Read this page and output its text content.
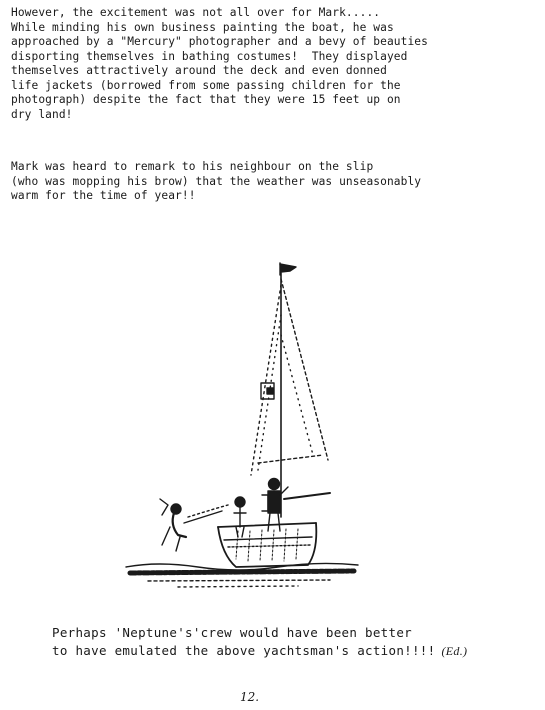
However, the excitement was not all over for Mark.....
While minding his own business painting the boat, he was
approached by a "Mercury" photographer and a bevy of beauties
disporting themselves in bathing costumes!  They displayed
themselves attractively around the deck and even donned
life jackets (borrowed from some passing children for the
photograph) despite the fact that they were 15 feet up on
dry land!

Mark was heard to remark to his neighbour on the slip
(who was mopping his brow) that the weather was unseasonably
warm for the time of year!!

Perhaps 'Neptune's'crew would have been better
to have emulated the above yachtsman's action!!!! (Ed.)

12.
